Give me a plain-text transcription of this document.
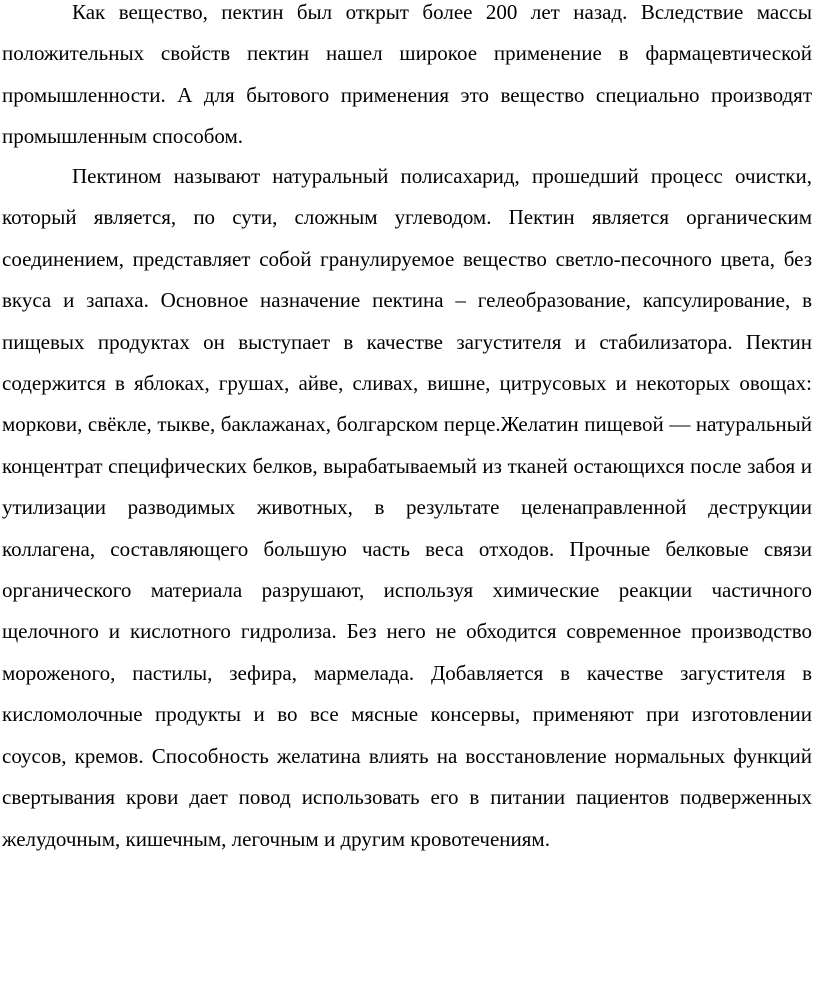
Как вещество, пектин был открыт более 200 лет назад. Вследствие массы положительных свойств пектин нашел широкое применение в фармацевтической промышленности. А для бытового применения это вещество специально производят промышленным способом.

Пектином называют натуральный полисахарид, прошедший процесс очистки, который является, по сути, сложным углеводом. Пектин является органическим соединением, представляет собой гранулируемое вещество светло-песочного цвета, без вкуса и запаха. Основное назначение пектина – гелеобразование, капсулирование, в пищевых продуктах он выступает в качестве загустителя и стабилизатора. Пектин содержится в яблоках, грушах, айве, сливах, вишне, цитрусовых и некоторых овощах: моркови, свёкле, тыкве, баклажанах, болгарском перце.Желатин пищевой — натуральный концентрат специфических белков, вырабатываемый из тканей остающихся после забоя и утилизации разводимых животных, в результате целенаправленной деструкции коллагена, составляющего большую часть веса отходов. Прочные белковые связи органического материала разрушают, используя химические реакции частичного щелочного и кислотного гидролиза. Без него не обходится современное производство мороженого, пастилы, зефира, мармелада. Добавляется в качестве загустителя в кисломолочные продукты и во все мясные консервы, применяют при изготовлении соусов, кремов. Способность желатина влиять на восстановление нормальных функций свертывания крови дает повод использовать его в питании пациентов подверженных желудочным, кишечным, легочным и другим кровотечениям.
